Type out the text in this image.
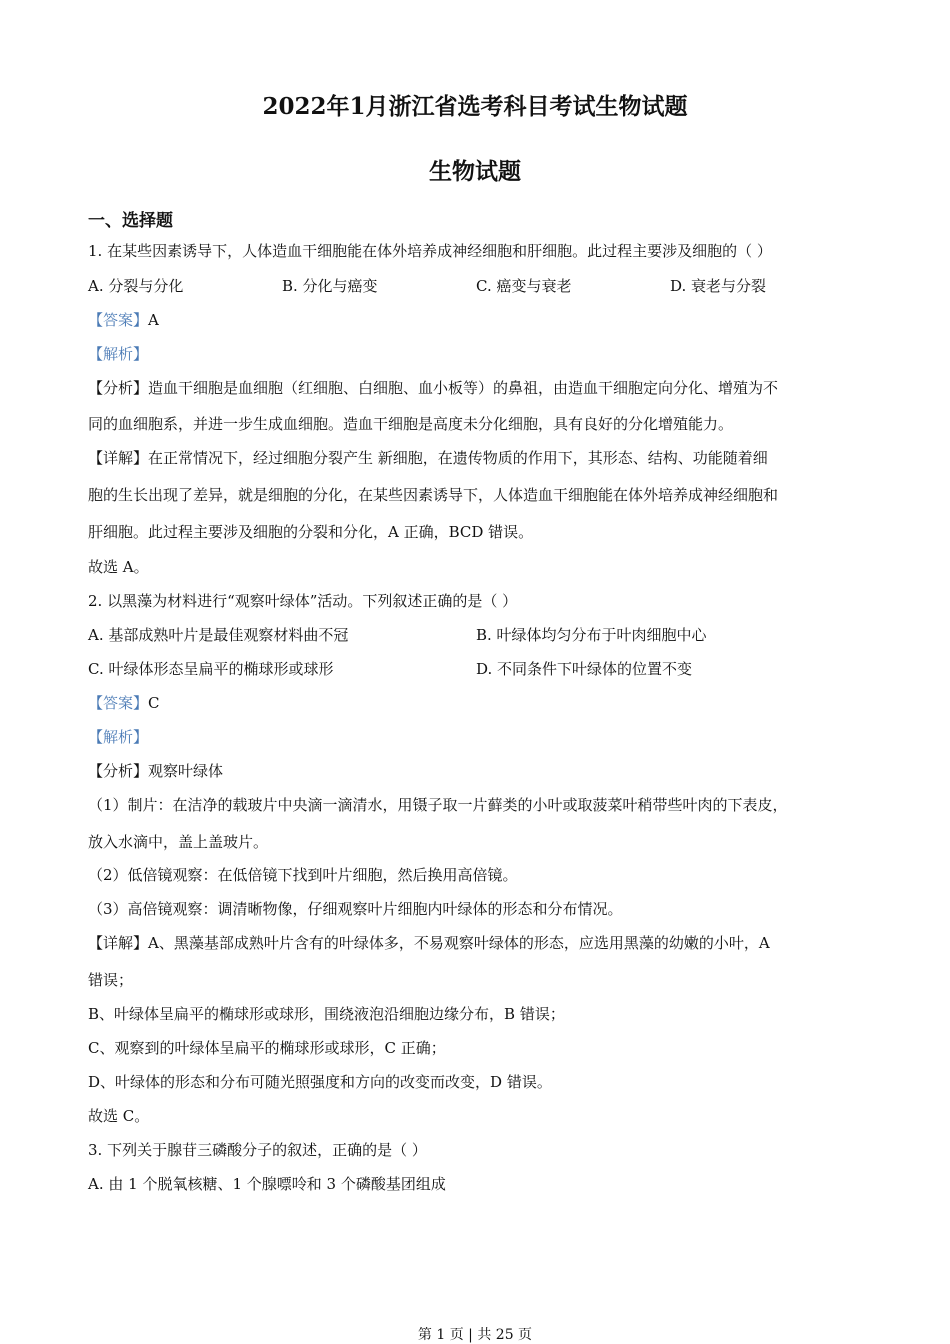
2022年1月浙江省选考科目考试生物试题
生物试题
一、选择题
1. 在某些因素诱导下，人体造血干细胞能在体外培养成神经细胞和肝细胞。此过程主要涉及细胞的（ ）
A. 分裂与分化	B. 分化与癌变	C. 癌变与衰老	D. 衰老与分裂
【答案】A
【解析】
【分析】造血干细胞是血细胞（红细胞、白细胞、血小板等）的鼻祖，由造血干细胞定向分化、增殖为不
同的血细胞系，并进一步生成血细胞。造血干细胞是高度未分化细胞，具有良好的分化增殖能力。
【详解】在正常情况下，经过细胞分裂产生 新细胞，在遗传物质的作用下，其形态、结构、功能随着细
胞的生长出现了差异，就是细胞的分化，在某些因素诱导下，人体造血干细胞能在体外培养成神经细胞和
肝细胞。此过程主要涉及细胞的分裂和分化，A 正确，BCD 错误。
故选 A。
2. 以黑藻为材料进行“观察叶绿体”活动。下列叙述正确的是（ ）
A. 基部成熟叶片是最佳观察材料曲不冠	B. 叶绿体均匀分布于叶肉细胞中心
C. 叶绿体形态呈扁平的椭球形或球形	D. 不同条件下叶绿体的位置不变
【答案】C
【解析】
【分析】观察叶绿体
（1）制片：在洁净的载玻片中央滴一滴清水，用镊子取一片藓类的小叶或取菠菜叶稍带些叶肉的下表皮，
放入水滴中，盖上盖玻片。
（2）低倍镜观察：在低倍镜下找到叶片细胞，然后换用高倍镜。
（3）高倍镜观察：调清晰物像，仔细观察叶片细胞内叶绿体的形态和分布情况。
【详解】A、黑藻基部成熟叶片含有的叶绿体多，不易观察叶绿体的形态，应选用黑藻的幼嫩的小叶，A
错误；
B、叶绿体呈扁平的椭球形或球形，围绕液泡沿细胞边缘分布，B 错误；
C、观察到的叶绿体呈扁平的椭球形或球形，C 正确；
D、叶绿体的形态和分布可随光照强度和方向的改变而改变，D 错误。
故选 C。
3. 下列关于腺苷三磷酸分子的叙述，正确的是（ ）
A. 由 1 个脱氧核糖、1 个腺嘌呤和 3 个磷酸基团组成
第 1 页 | 共 25 页
